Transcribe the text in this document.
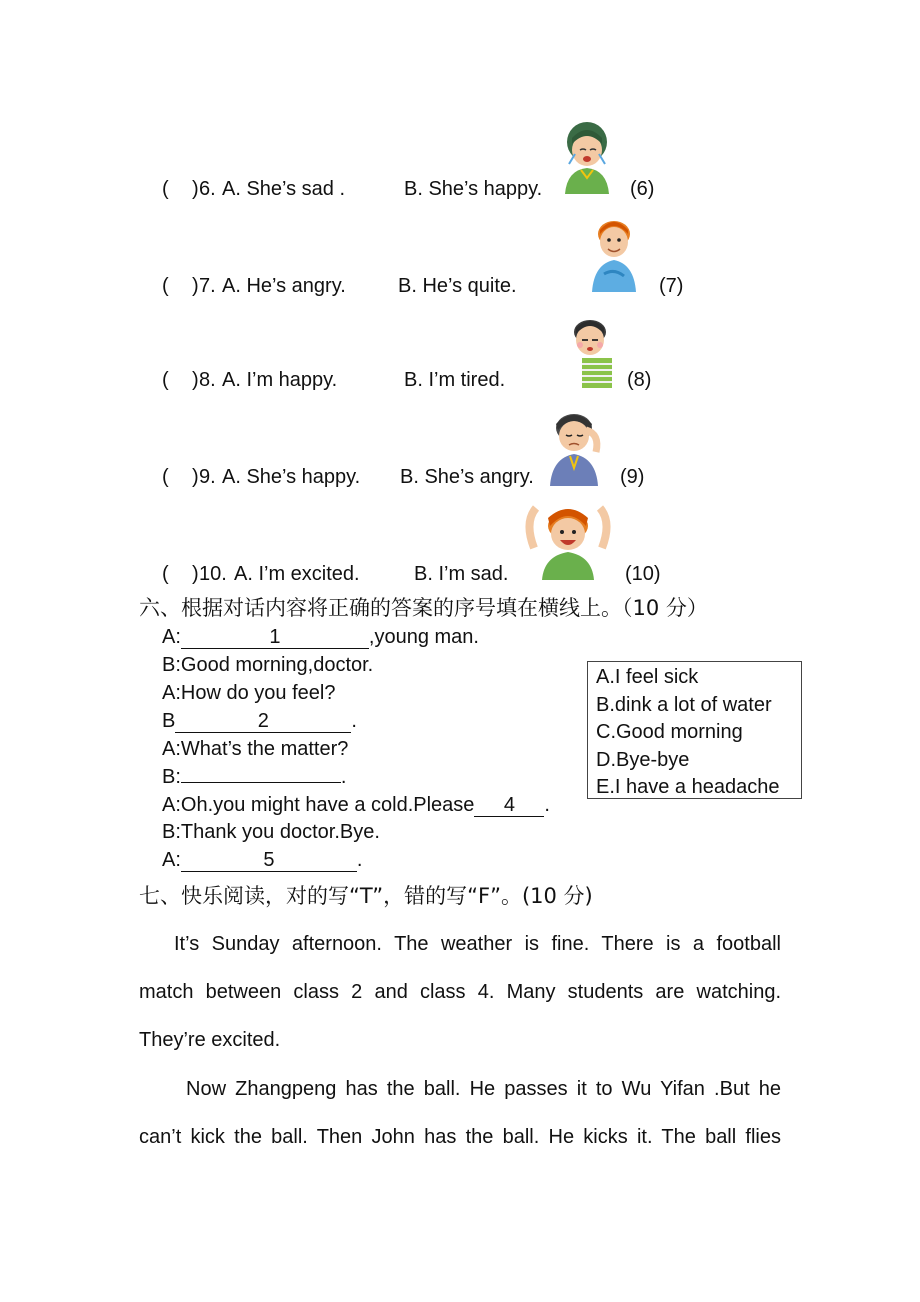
( ) 6. A. She’s sad .	B. She’s happy.	(6)
( ) 7. A. He’s angry.	B. He’s quite.	(7)
( ) 8. A. I’m happy.	B. I’m tired.	(8)
( ) 9. A. She’s happy. B. She’s angry.	(9)
( ) 10. A. I’m excited.	B. I’m sad.	(10)
六、根据对话内容将正确的答案的序号填在横线上。（10 分）
A:	1	,young man.
B:Good morning,doctor.
A:How do you feel?
B	2	.
A:What’s the matter?
B:	.
A:Oh.you might have a cold.Please 4 .
B:Thank you doctor.Bye.
A:	5	.
A.I feel sick
B.dink a lot of water
C.Good morning
D.Bye-bye
E.I have a headache
七、快乐阅读，对的写“T”，错的写“F”。(10 分)
It’s Sunday afternoon. The weather is fine. There is a football
match between class 2 and class 4. Many students are watching.
They’re excited.
Now Zhangpeng has the ball. He passes it to Wu Yifan .But he
can’t kick the ball. Then John has the ball. He kicks it. The ball flies
